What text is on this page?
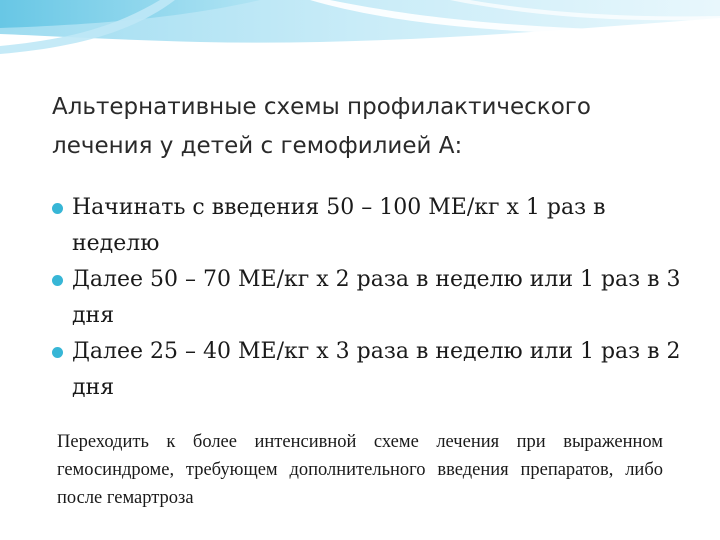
Альтернативные схемы профилактического лечения у детей с гемофилией А:
Начинать с введения 50 – 100 МЕ/кг х 1 раз в неделю
Далее 50 – 70 МЕ/кг х 2 раза в неделю или 1 раз в 3 дня
Далее 25 – 40 МЕ/кг х 3 раза в неделю или 1 раз в 2 дня

Переходить к более интенсивной схеме лечения при выраженном гемосиндроме, требующем дополнительного введения препаратов, либо после гемартроза
